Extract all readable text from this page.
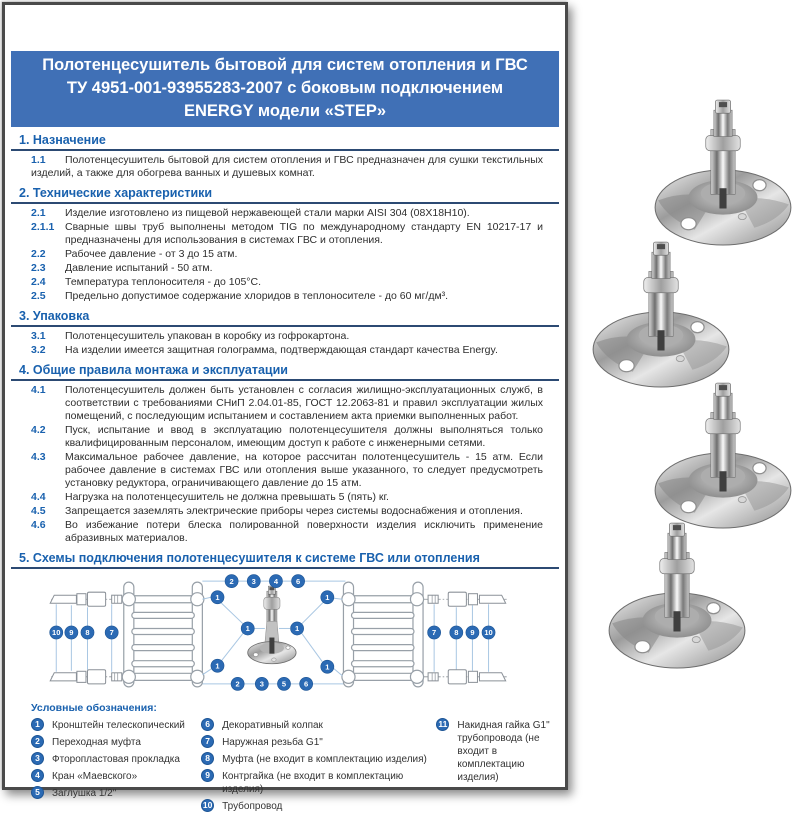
Полотенцесушитель бытовой для систем отопления и ГВС
ТУ 4951-001-93955283-2007 с боковым подключением
ENERGY модели «STEP»
1. Назначение
1.1	Полотенцесушитель бытовой для систем отопления и ГВС предназначен для сушки текстильных изделий, а также для обогрева ванных и душевых комнат.
2. Технические характеристики
2.1 Изделие изготовлено из пищевой нержавеющей стали марки AISI 304 (08Х18Н10).
2.1.1 Сварные швы труб выполнены методом TIG по международному стандарту EN 10217-17 и предназначены для использования в системах ГВС и отопления.
2.2 Рабочее давление - от 3 до 15 атм.
2.3 Давление испытаний - 50 атм.
2.4 Температура теплоносителя - до 105°С.
2.5 Предельно допустимое содержание хлоридов в теплоносителе - до 60 мг/дм³.
3. Упаковка
3.1 Полотенцесушитель упакован в коробку из гофрокартона.
3.2 На изделии имеется защитная голограмма, подтверждающая стандарт качества Energy.
4. Общие правила монтажа и эксплуатации
4.1 Полотенцесушитель должен быть установлен с согласия жилищно-эксплуатационных служб, в соответствии с требованиями СНиП 2.04.01-85, ГОСТ 12.2063-81 и правил эксплуатации жилых помещений, с последующим испытанием и составлением акта приемки выполненных работ.
4.2 Пуск, испытание и ввод в эксплуатацию полотенцесушителя должны выполняться только квалифицированным персоналом, имеющим доступ к работе с инженерными сетями.
4.3 Максимальное рабочее давление, на которое рассчитан полотенцесушитель - 15 атм. Если рабочее давление в системах ГВС или отопления выше указанного, то следует предусмотреть установку редуктора, ограничивающего давление до 15 атм.
4.4 Нагрузка на полотенцесушитель не должна превышать 5 (пять) кг.
4.5 Запрещается заземлять электрические приборы через системы водоснабжения и отопления.
4.6 Во избежание потери блеска полированной поверхности изделия исключить применение абразивных материалов.
5. Схемы подключения полотенцесушителя к системе ГВС или отопления
2 3 4 6
2	3 5 6
10 9 8	7	7 8 9 10
1
1
1
1
1
1
Условные обозначения:
1	Кронштейн телескопический
2	Переходная муфта
3	Фторопластовая прокладка
4	Кран «Маевского»
5	Заглушка 1/2"
6	Декоративный колпак
7	Наружная резьба G1"
8	Муфта (не входит в комплектацию изделия)
9	Контргайка (не входит в комплектацию изделия)
10 Трубопровод
11 Накидная гайка G1" трубопровода (не входит в комплектацию изделия)
